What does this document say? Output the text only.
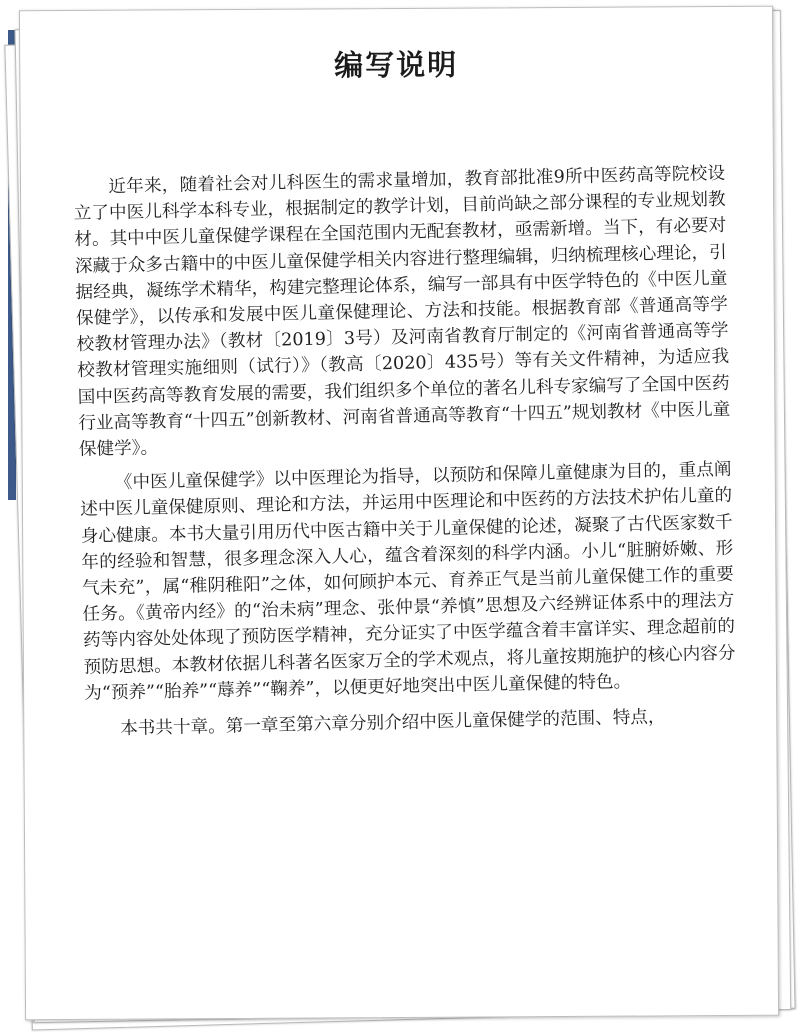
编写说明

近年来，随着社会对儿科医生的需求量增加，教育部批准9所中医药高等院校设立了中医儿科学本科专业，根据制定的教学计划，目前尚缺之部分课程的专业规划教材。其中中医儿童保健学课程在全国范围内无配套教材，亟需新增。当下，有必要对深藏于众多古籍中的中医儿童保健学相关内容进行整理编辑，归纳梳理核心理论，引据经典，凝练学术精华，构建完整理论体系，编写一部具有中医学特色的《中医儿童保健学》，以传承和发展中医儿童保健理论、方法和技能。根据教育部《普通高等学校教材管理办法》（教材〔2019〕3号）及河南省教育厅制定的《河南省普通高等学校教材管理实施细则（试行）》（教高〔2020〕435号）等有关文件精神，为适应我国中医药高等教育发展的需要，我们组织多个单位的著名儿科专家编写了全国中医药行业高等教育“十四五”创新教材、河南省普通高等教育“十四五”规划教材《中医儿童保健学》。

《中医儿童保健学》以中医理论为指导，以预防和保障儿童健康为目的，重点阐述中医儿童保健原则、理论和方法，并运用中医理论和中医药的方法技术护佑儿童的身心健康。本书大量引用历代中医古籍中关于儿童保健的论述，凝聚了古代医家数千年的经验和智慧，很多理念深入人心，蕴含着深刻的科学内涵。小儿“脏腑娇嫩、形气未充”，属“稚阴稚阳”之体，如何顾护本元、育养正气是当前儿童保健工作的重要任务。《黄帝内经》的“治未病”理念、张仲景“养慎”思想及六经辨证体系中的理法方药等内容处处体现了预防医学精神，充分证实了中医学蕴含着丰富详实、理念超前的预防思想。本教材依据儿科著名医家万全的学术观点，将儿童按期施护的核心内容分为“预养”“胎养”“蓐养”“鞠养”，以便更好地突出中医儿童保健的特色。

本书共十章。第一章至第六章分别介绍中医儿童保健学的范围、特点，
